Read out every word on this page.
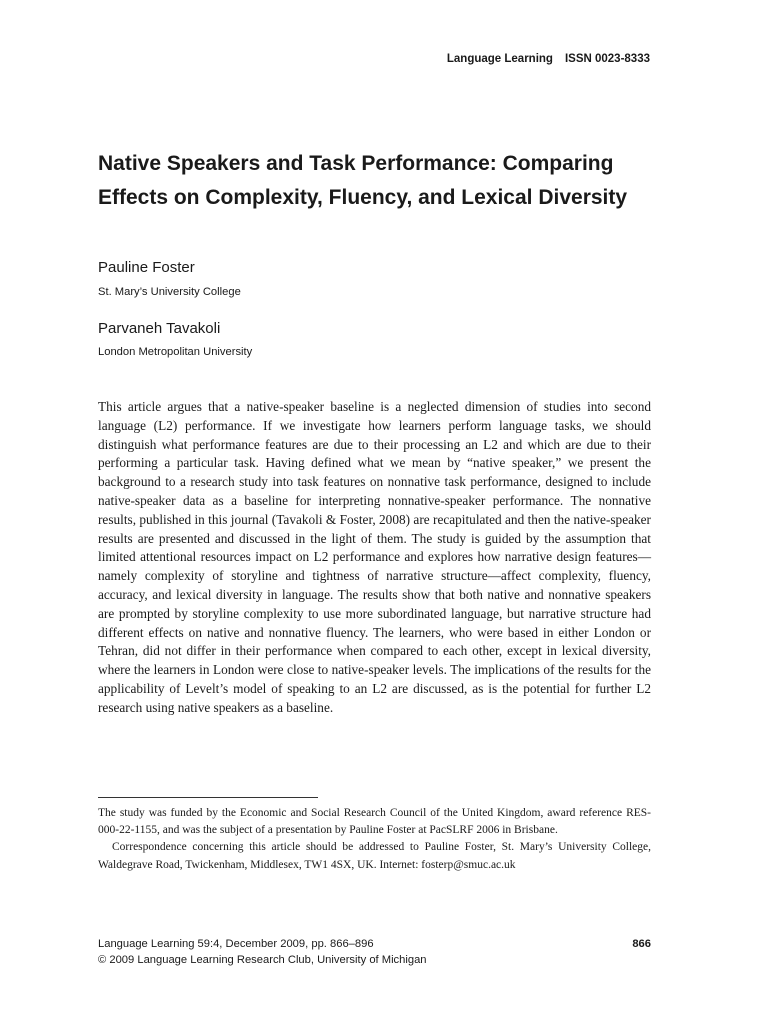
Language Learning ISSN 0023-8333
Native Speakers and Task Performance: Comparing Effects on Complexity, Fluency, and Lexical Diversity
Pauline Foster
St. Mary’s University College
Parvaneh Tavakoli
London Metropolitan University

This article argues that a native-speaker baseline is a neglected dimension of studies into second language (L2) performance. If we investigate how learners perform language tasks, we should distinguish what performance features are due to their processing an L2 and which are due to their performing a particular task. Having defined what we mean by “native speaker,” we present the background to a research study into task features on nonnative task performance, designed to include native-speaker data as a baseline for interpreting nonnative-speaker performance. The nonnative results, published in this journal (Tavakoli & Foster, 2008) are recapitulated and then the native-speaker results are presented and discussed in the light of them. The study is guided by the assumption that limited attentional resources impact on L2 performance and explores how narrative design features—namely complexity of storyline and tightness of narrative structure—affect complexity, fluency, accuracy, and lexical diversity in language. The results show that both native and nonnative speakers are prompted by storyline complexity to use more subordinated language, but narrative structure had different effects on native and nonnative fluency. The learners, who were based in either London or Tehran, did not differ in their performance when compared to each other, except in lexical diversity, where the learners in London were close to native-speaker levels. The implications of the results for the applicability of Levelt’s model of speaking to an L2 are discussed, as is the potential for further L2 research using native speakers as a baseline.

The study was funded by the Economic and Social Research Council of the United Kingdom, award reference RES-000-22-1155, and was the subject of a presentation by Pauline Foster at PacSLRF 2006 in Brisbane.

Correspondence concerning this article should be addressed to Pauline Foster, St. Mary’s University College, Waldegrave Road, Twickenham, Middlesex, TW1 4SX, UK. Internet: fosterp@smuc.ac.uk

Language Learning 59:4, December 2009, pp. 866–896	866
© 2009 Language Learning Research Club, University of Michigan
